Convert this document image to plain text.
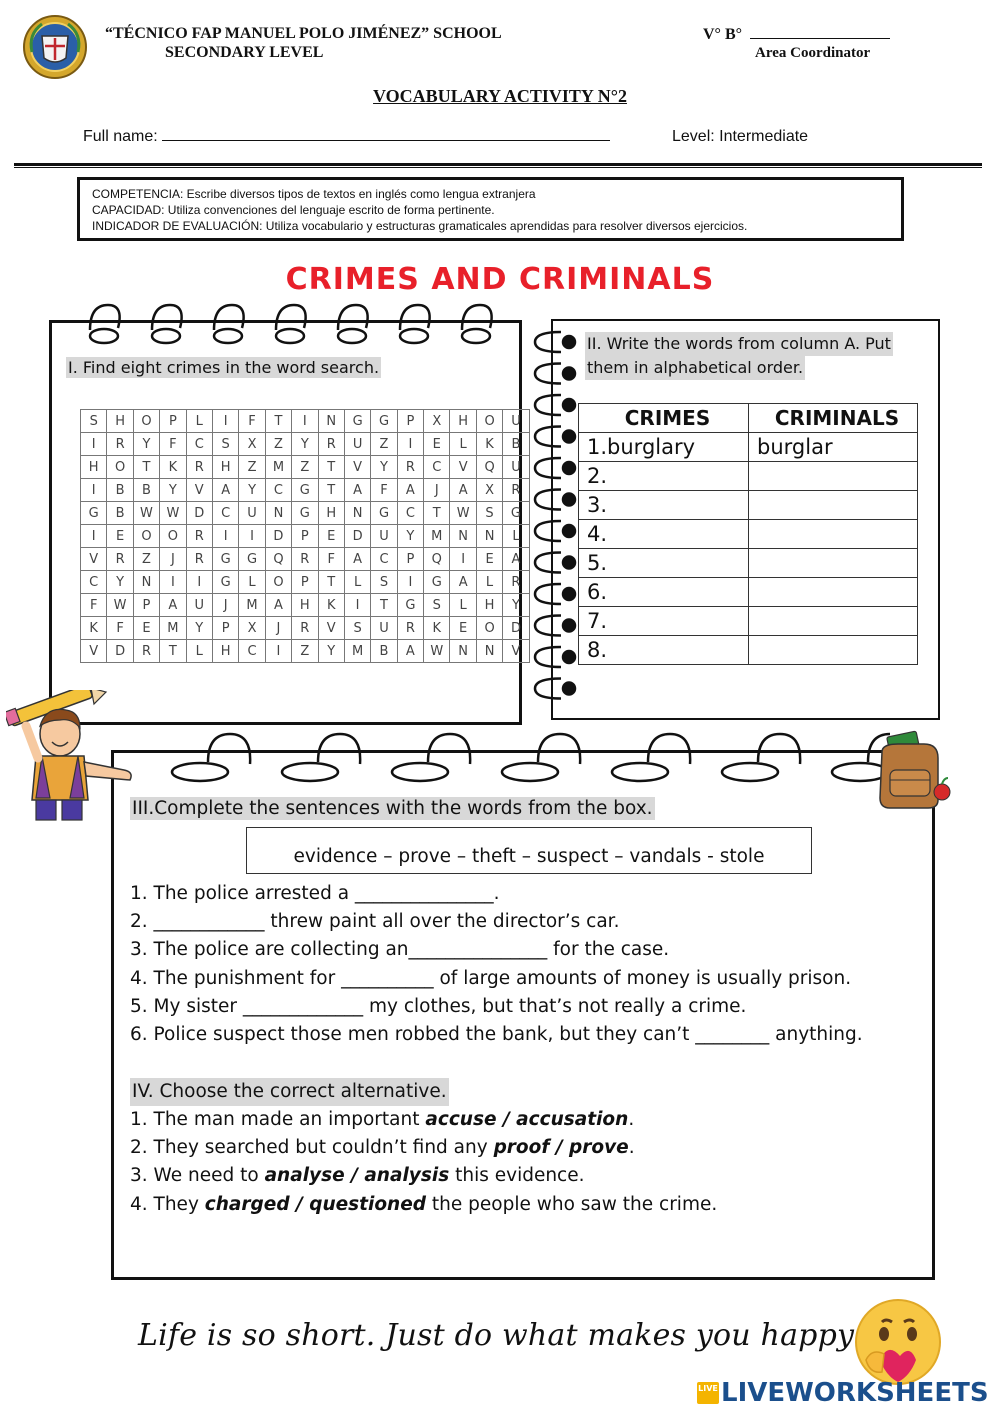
“TÉCNICO FAP MANUEL POLO JIMÉNEZ” SCHOOL
SECONDARY LEVEL
V° B°
Area Coordinator
VOCABULARY ACTIVITY N°2
Full name:	Level: Intermediate
COMPETENCIA: Escribe diversos tipos de textos en inglés como lengua extranjera
CAPACIDAD: Utiliza convenciones del lenguaje escrito de forma pertinente.
INDICADOR DE EVALUACIÓN: Utiliza vocabulario y estructuras gramaticales aprendidas para resolver diversos ejercicios.
CRIMES AND CRIMINALS
I. Find eight crimes in the word search.
S	H	O	P	L	I	F	T	I	N	G	G	P	X	H	O	U
I	R	Y	F	C	S	X	Z	Y	R	U	Z	I	E	L	K	B
H	O	T	K	R	H	Z	M	Z	T	V	Y	R	C	V	Q	U
I	B	B	Y	V	A	Y	C	G	T	A	F	A	J	A	X	R
G	B	W	W	D	C	U	N	G	H	N	G	C	T	W	S	G
I	E	O	O	R	I	I	D	P	E	D	U	Y	M	N	N	L
V	R	Z	J	R	G	G	Q	R	F	A	C	P	Q	I	E	A
C	Y	N	I	I	G	L	O	P	T	L	S	I	G	A	L	R
F	W	P	A	U	J	M	A	H	K	I	T	G	S	L	H	Y
K	F	E	M	Y	P	X	J	R	V	S	U	R	K	E	O	D
V	D	R	T	L	H	C	I	Z	Y	M	B	A	W	N	N	V
II. Write the words from column A. Put
them in alphabetical order.
CRIMES	CRIMINALS
1.burglary	burglar
2.	
3.	
4.	
5.	
6.	
7.	
8.	
III.Complete the sentences with the words from the box.
evidence – prove – theft – suspect – vandals - stole
1. The police arrested a _______________.
2. ____________ threw paint all over the director’s car.
3. The police are collecting an_______________ for the case.
4. The punishment for __________ of large amounts of money is usually prison.
5. My sister _____________ my clothes, but that’s not really a crime.
6. Police suspect those men robbed the bank, but they can’t ________ anything.
IV. Choose the correct alternative.
1. The man made an important accuse / accusation.
2. They searched but couldn’t find any proof / prove.
3. We need to analyse / analysis this evidence.
4. They charged / questioned the people who saw the crime.
Life is so short. Just do what makes you happy
LIVE LIVEWORKSHEETS
